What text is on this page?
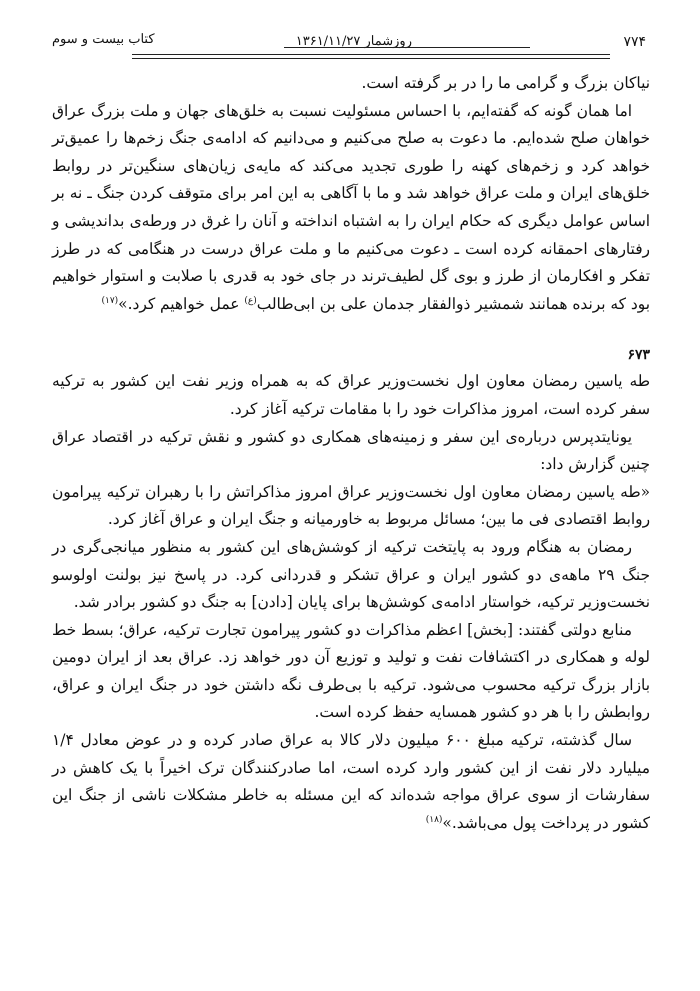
۷۷۴
روزشمار ۱۳۶۱/۱۱/۲۷
کتاب بیست و سوم

نیاکان بزرگ و گرامی ما را در بر گرفته است.

اما همان گونه که گفته‌ایم، با احساس مسئولیت نسبت به خلق‌های جهان و ملت بزرگ عراق خواهان صلح شده‌ایم. ما دعوت به صلح می‌کنیم و می‌دانیم که ادامه‌ی جنگ زخم‌ها را عمیق‌تر خواهد کرد و زخم‌های کهنه را طوری تجدید می‌کند که مایه‌ی زیان‌های سنگین‌تر در روابط خلق‌های ایران و ملت عراق خواهد شد و ما با آگاهی به این امر برای متوقف کردن جنگ ـ نه بر اساس عوامل دیگری که حکام ایران را به اشتباه انداخته و آنان را غرق در ورطه‌ی بداندیشی و رفتارهای احمقانه کرده است ـ دعوت می‌کنیم ما و ملت عراق درست در هنگامی که در طرز تفکر و افکارمان از طرز و بوی گل لطیف‌ترند در جای خود به قدری با صلابت و استوار خواهیم بود که برنده همانند شمشیر ذوالفقار جدمان علی بن ابی‌طالب$^{(ع)}$ عمل خواهیم کرد.»$^{(۱۷)}$

۶۷۳

طه یاسین رمضان معاون اول نخست‌وزیر عراق که به همراه وزیر نفت این کشور به ترکیه سفر کرده است، امروز مذاکرات خود را با مقامات ترکیه آغاز کرد.

یونایتدپرس درباره‌ی این سفر و زمینه‌های همکاری دو کشور و نقش ترکیه در اقتصاد عراق چنین گزارش داد:

«طه یاسین رمضان معاون اول نخست‌وزیر عراق امروز مذاکراتش را با رهبران ترکیه پیرامون روابط اقتصادی فی ما بین؛ مسائل مربوط به خاورمیانه و جنگ ایران و عراق آغاز کرد.

رمضان به هنگام ورود به پایتخت ترکیه از کوشش‌های این کشور به منظور میانجی‌گری در جنگ ۲۹ ماهه‌ی دو کشور ایران و عراق تشکر و قدردانی کرد. در پاسخ نیز بولنت اولوسو نخست‌وزیر ترکیه، خواستار ادامه‌ی کوشش‌ها برای پایان [دادن] به جنگ دو کشور برادر شد.

منابع دولتی گفتند: [بخش] اعظم مذاکرات دو کشور پیرامون تجارت ترکیه، عراق؛ بسط خط لوله و همکاری در اکتشافات نفت و تولید و توزیع آن دور خواهد زد. عراق بعد از ایران دومین بازار بزرگ ترکیه محسوب می‌شود. ترکیه با بی‌طرف نگه داشتن خود در جنگ ایران و عراق، روابطش را با هر دو کشور همسایه حفظ کرده است.

سال گذشته، ترکیه مبلغ ۶۰۰ میلیون دلار کالا به عراق صادر کرده و در عوض معادل ۱/۴ میلیارد دلار نفت از این کشور وارد کرده است، اما صادرکنندگان ترک اخیراً با یک کاهش در سفارشات از سوی عراق مواجه شده‌اند که این مسئله به خاطر مشکلات ناشی از جنگ این کشور در پرداخت پول می‌باشد.»$^{(۱۸)}$
